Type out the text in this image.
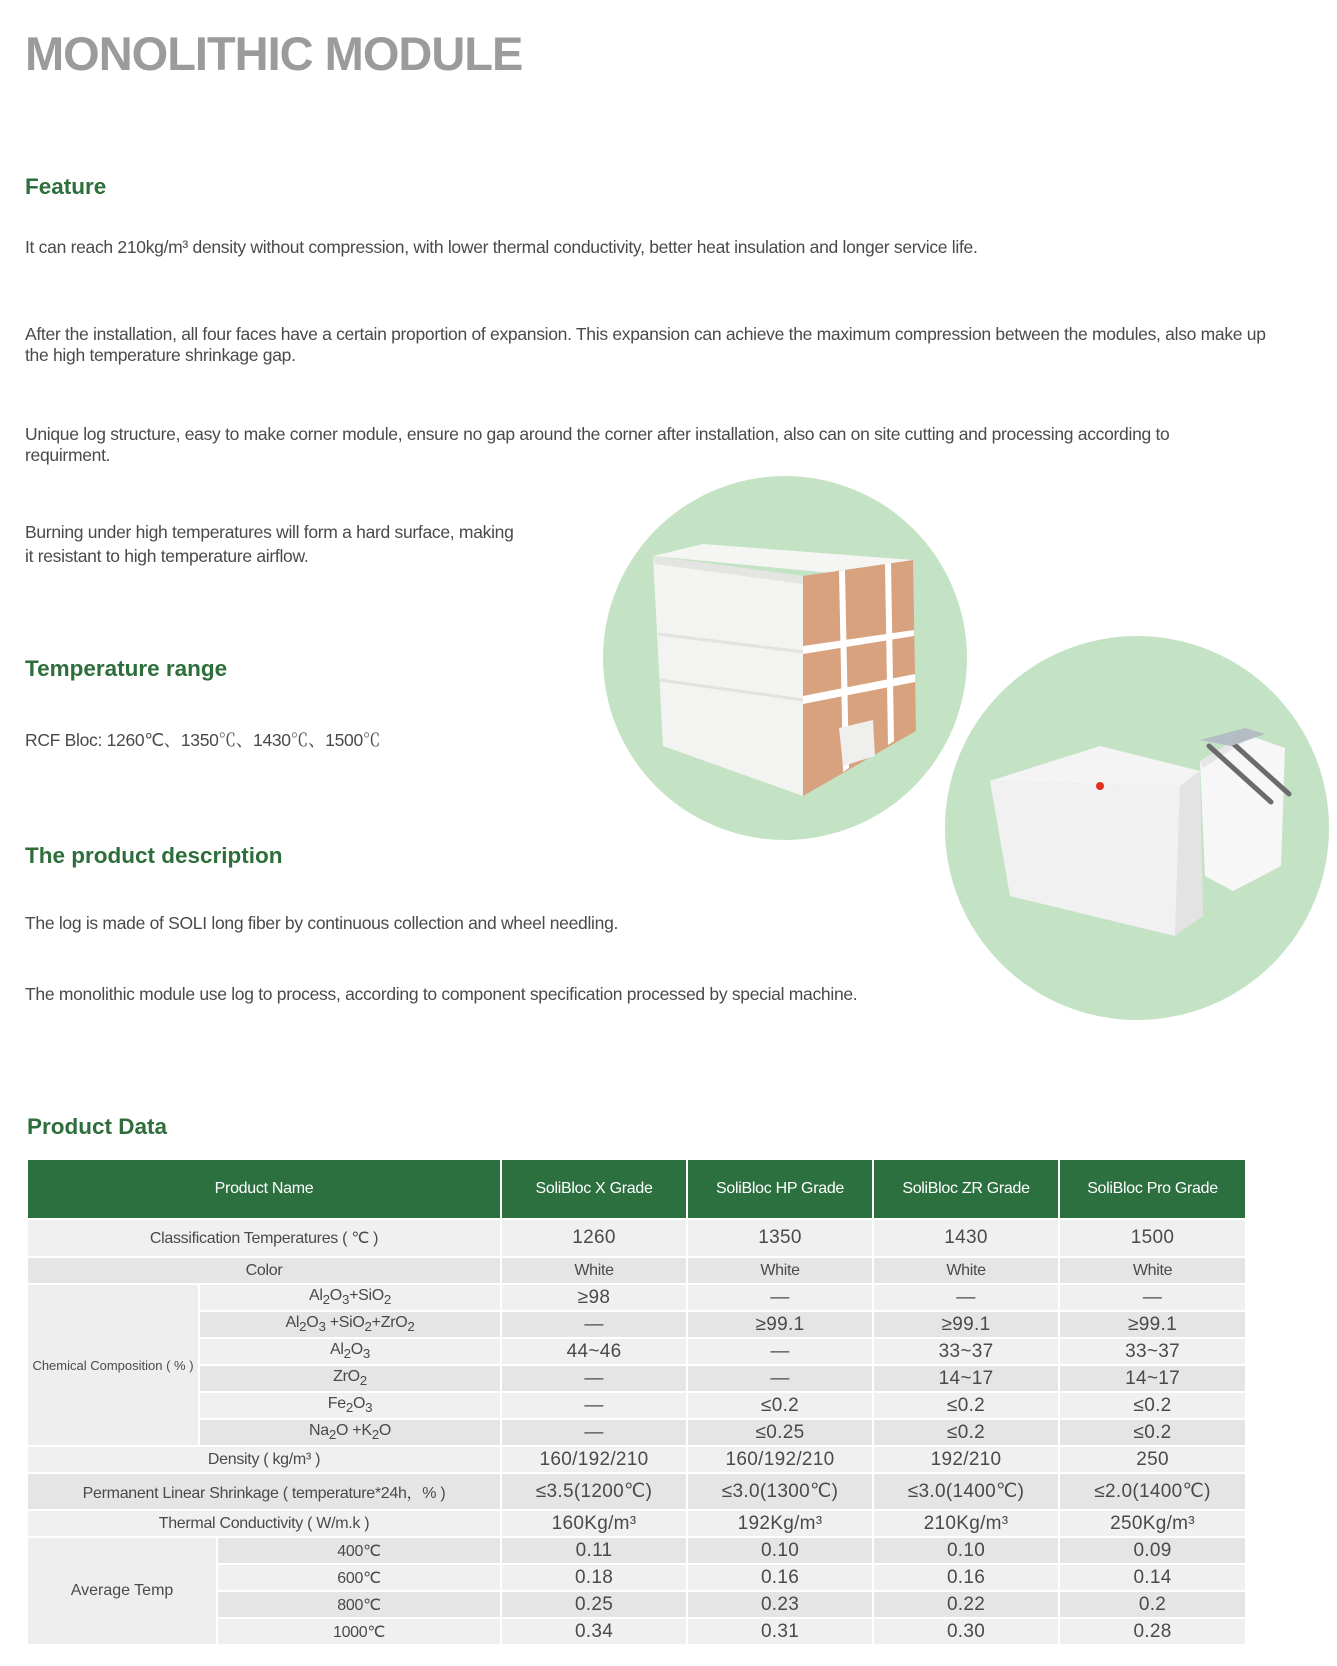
MONOLITHIC MODULE
Feature

It can reach 210kg/m³ density without compression, with lower thermal conductivity, better heat insulation and longer service life.

After the installation, all four faces have a certain proportion of expansion. This expansion can achieve the maximum compression between the modules, also make up the high temperature shrinkage gap.

Unique log structure, easy to make corner module, ensure no gap around the corner after installation, also can on site cutting and processing according to requirment.

Burning under high temperatures will form a hard surface, making it resistant to high temperature airflow.

Temperature range

RCF Bloc: 1260℃、1350℃、1430℃、1500℃

The product description

The log is made of SOLI long fiber by continuous collection and wheel needling.

The monolithic module use log to process, according to component specification processed by special machine.

Product Data
Product Name			SoliBloc X Grade	SoliBloc HP Grade	SoliBloc ZR Grade	SoliBloc Pro Grade
Classification Temperatures ( ℃ )			1260	1350	1430	1500
Color			White	White	White	White
Chemical Composition ( % )	$Al_2O_3+SiO_2$		≥98	—	—	—
	$Al_2O_3 +SiO_2+ZrO_2$		—	≥99.1	≥99.1	≥99.1
	$Al_2O_3$		44~46	—	33~37	33~37
	ZrO$_2$		—	—	14~17	14~17
	$Fe_2O_3$		—	≤0.2	≤0.2	≤0.2
	$Na_2O +K_2O$		—	≤0.25	≤0.2	≤0.2
Density ( kg/m³ )			160/192/210	160/192/210	192/210	250
Permanent Linear Shrinkage ( temperature*24h，% )			≤3.5(1200℃)	≤3.0(1300℃)	≤3.0(1400℃)	≤2.0(1400℃)
Thermal Conductivity ( W/m.k )			160Kg/m³	192Kg/m³	210Kg/m³	250Kg/m³
Average Temp		400℃	0.11	0.10	0.10	0.09
		600℃	0.18	0.16	0.16	0.14
		800℃	0.25	0.23	0.22	0.2
		1000℃	0.34	0.31	0.30	0.28
